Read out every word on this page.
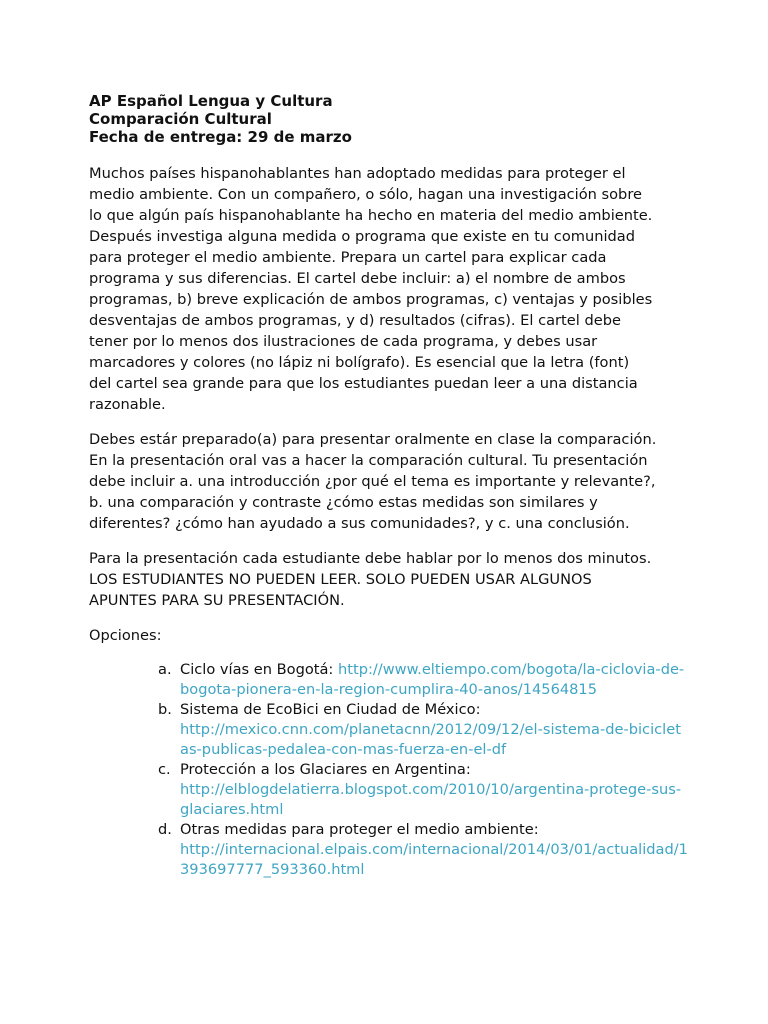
AP Español Lengua y Cultura
Comparación Cultural
Fecha de entrega: 29 de marzo

Muchos países hispanohablantes han adoptado medidas para proteger el
medio ambiente. Con un compañero, o sólo, hagan una investigación sobre
lo que algún país hispanohablante ha hecho en materia del medio ambiente.
Después investiga alguna medida o programa que existe en tu comunidad
para proteger el medio ambiente. Prepara un cartel para explicar cada
programa y sus diferencias. El cartel debe incluir: a) el nombre de ambos
programas, b) breve explicación de ambos programas, c) ventajas y posibles
desventajas de ambos programas, y d) resultados (cifras). El cartel debe
tener por lo menos dos ilustraciones de cada programa, y debes usar
marcadores y colores (no lápiz ni bolígrafo). Es esencial que la letra (font)
del cartel sea grande para que los estudiantes puedan leer a una distancia
razonable.

Debes estár preparado(a) para presentar oralmente en clase la comparación.
En la presentación oral vas a hacer la comparación cultural. Tu presentación
debe incluir a. una introducción ¿por qué el tema es importante y relevante?,
b. una comparación y contraste ¿cómo estas medidas son similares y
diferentes? ¿cómo han ayudado a sus comunidades?, y c. una conclusión.

Para la presentación cada estudiante debe hablar por lo menos dos minutos.
LOS ESTUDIANTES NO PUEDEN LEER. SOLO PUEDEN USAR ALGUNOS
APUNTES PARA SU PRESENTACIÓN.

Opciones:

a. Ciclo vías en Bogotá: http://www.eltiempo.com/bogota/la-ciclovia-de-bogota-pionera-en-la-region-cumplira-40-anos/14564815
b. Sistema de EcoBici en Ciudad de México:
http://mexico.cnn.com/planetacnn/2012/09/12/el-sistema-de-bicicletas-publicas-pedalea-con-mas-fuerza-en-el-df
c. Protección a los Glaciares en Argentina:
http://elblogdelatierra.blogspot.com/2010/10/argentina-protege-sus-glaciares.html
d. Otras medidas para proteger el medio ambiente:
http://internacional.elpais.com/internacional/2014/03/01/actualidad/1393697777_593360.html
